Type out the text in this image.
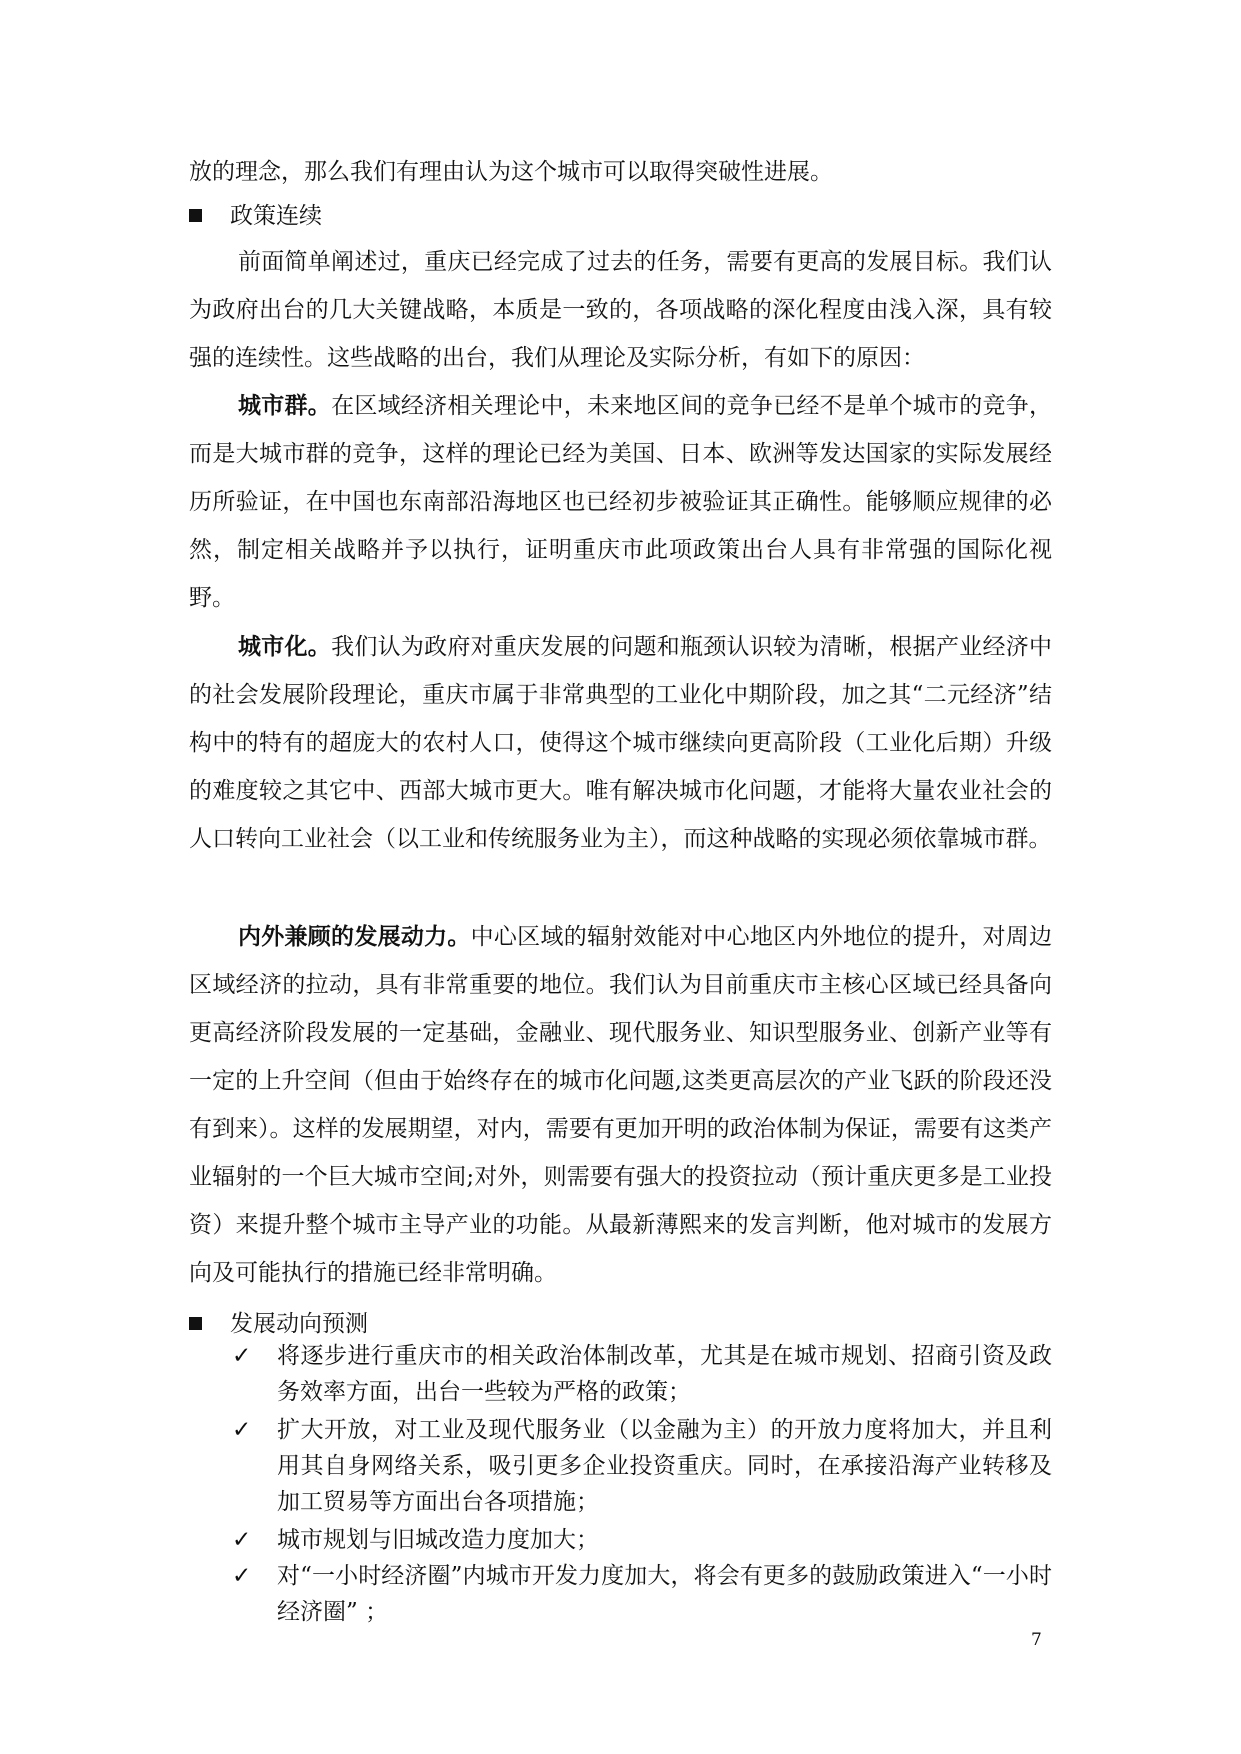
放的理念，那么我们有理由认为这个城市可以取得突破性进展。

政策连续

前面简单阐述过，重庆已经完成了过去的任务，需要有更高的发展目标。我们认为政府出台的几大关键战略，本质是一致的，各项战略的深化程度由浅入深，具有较强的连续性。这些战略的出台，我们从理论及实际分析，有如下的原因：

城市群。在区域经济相关理论中，未来地区间的竞争已经不是单个城市的竞争，而是大城市群的竞争，这样的理论已经为美国、日本、欧洲等发达国家的实际发展经历所验证，在中国也东南部沿海地区也已经初步被验证其正确性。能够顺应规律的必然，制定相关战略并予以执行，证明重庆市此项政策出台人具有非常强的国际化视野。

城市化。我们认为政府对重庆发展的问题和瓶颈认识较为清晰，根据产业经济中的社会发展阶段理论，重庆市属于非常典型的工业化中期阶段，加之其“二元经济”结构中的特有的超庞大的农村人口，使得这个城市继续向更高阶段（工业化后期）升级的难度较之其它中、西部大城市更大。唯有解决城市化问题，才能将大量农业社会的人口转向工业社会（以工业和传统服务业为主），而这种战略的实现必须依靠城市群。

内外兼顾的发展动力。中心区域的辐射效能对中心地区内外地位的提升，对周边区域经济的拉动，具有非常重要的地位。我们认为目前重庆市主核心区域已经具备向更高经济阶段发展的一定基础，金融业、现代服务业、知识型服务业、创新产业等有一定的上升空间（但由于始终存在的城市化问题,这类更高层次的产业飞跃的阶段还没有到来）。这样的发展期望，对内，需要有更加开明的政治体制为保证，需要有这类产业辐射的一个巨大城市空间;对外，则需要有强大的投资拉动（预计重庆更多是工业投资）来提升整个城市主导产业的功能。从最新薄熙来的发言判断，他对城市的发展方向及可能执行的措施已经非常明确。

发展动向预测
✓	将逐步进行重庆市的相关政治体制改革，尤其是在城市规划、招商引资及政务效率方面，出台一些较为严格的政策；
✓	扩大开放，对工业及现代服务业（以金融为主）的开放力度将加大，并且利用其自身网络关系，吸引更多企业投资重庆。同时，在承接沿海产业转移及加工贸易等方面出台各项措施；
✓	城市规划与旧城改造力度加大；
✓	对“一小时经济圈”内城市开发力度加大，将会有更多的鼓励政策进入“一小时经济圈” ；
7
